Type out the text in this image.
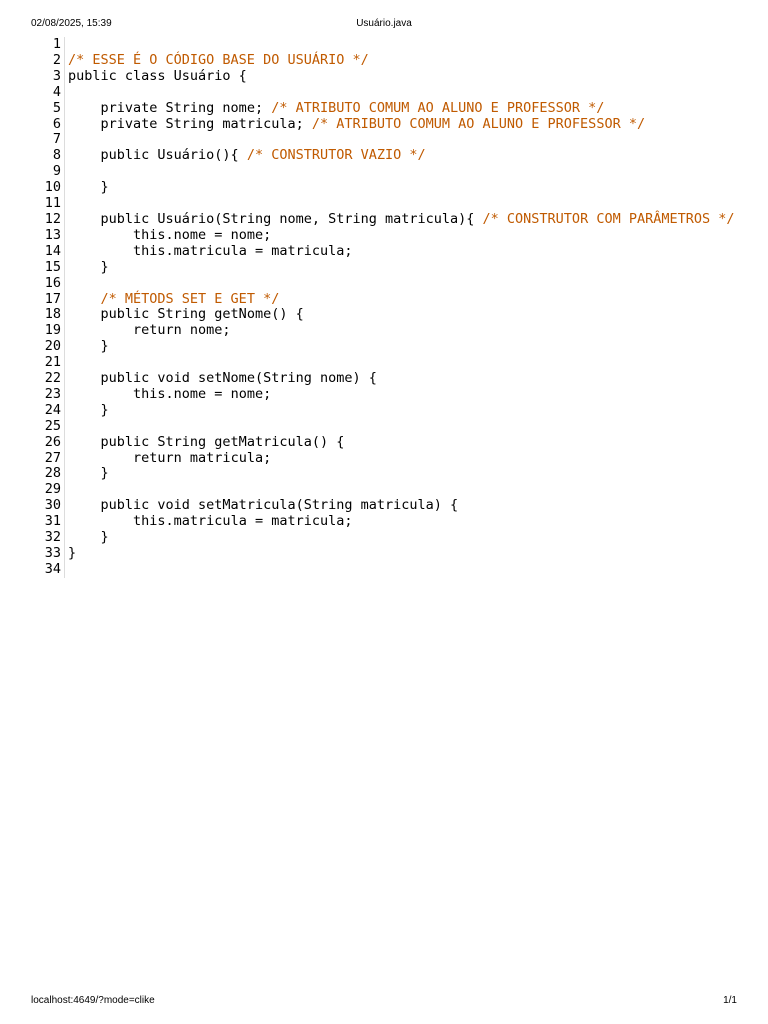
02/08/2025, 15:39	Usuário.java
1
2 /* ESSE É O CÓDIGO BASE DO USUÁRIO */
3 public class Usuário {
4
5 private String nome; /* ATRIBUTO COMUM AO ALUNO E PROFESSOR */
6 private String matricula; /* ATRIBUTO COMUM AO ALUNO E PROFESSOR */
7
8 public Usuário(){ /* CONSTRUTOR VAZIO */
9
10 }
11
12 public Usuário(String nome, String matricula){ /* CONSTRUTOR COM PARÂMETROS */
13 this.nome = nome;
14 this.matricula = matricula;
15 }
16
17	/* MÉTODS SET E GET */
18 public String getNome() {
19 return nome;
20 }
21
22 public void setNome(String nome) {
23 this.nome = nome;
24 }
25
26 public String getMatricula() {
27 return matricula;
28 }
29
30 public void setMatricula(String matricula) {
31 this.matricula = matricula;
32 }
33 }
34
localhost:4649/?mode=clike	1/1
